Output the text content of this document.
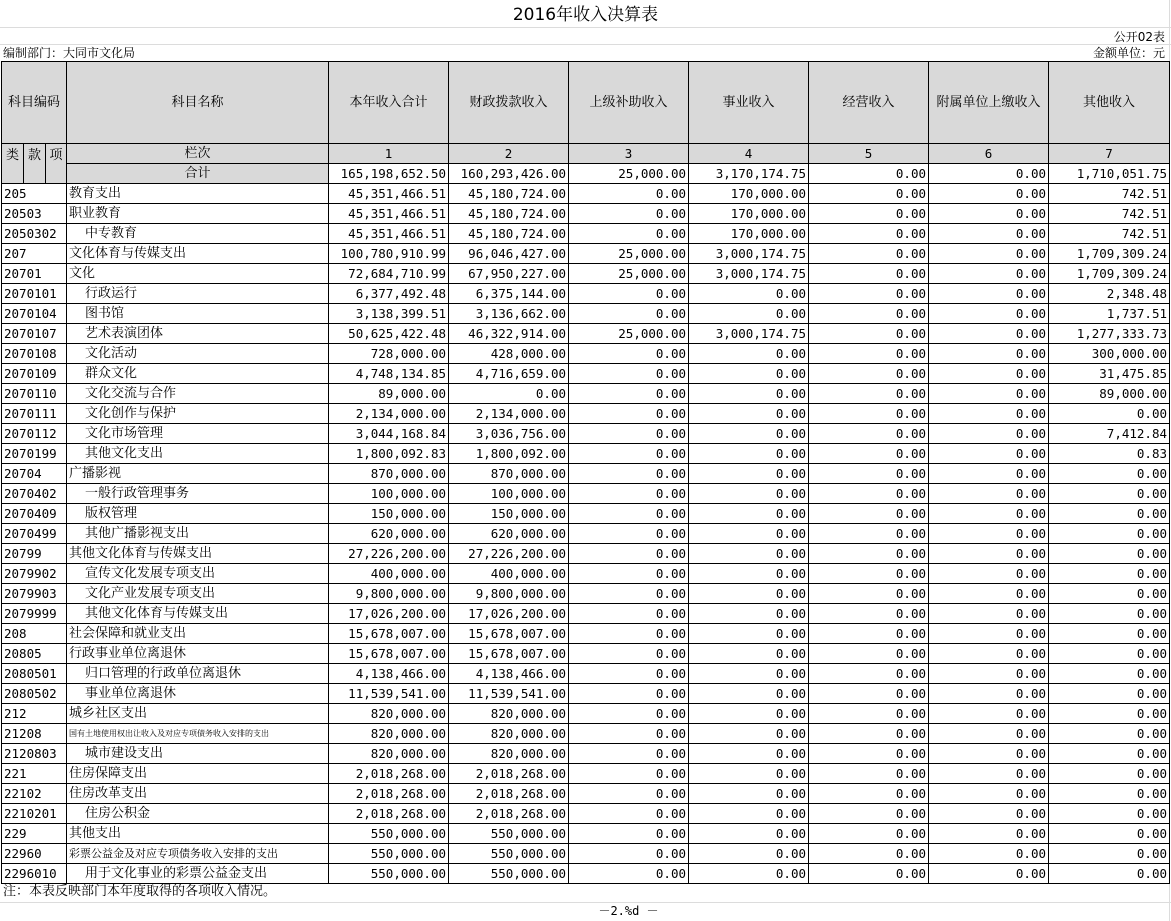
2016年收入决算表
公开02表
编制部门：大同市文化局	金额单位：元
科目编码			科目名称	本年收入合计	财政拨款收入	上级补助收入	事业收入	经营收入	附属单位上缴收入	其他收入
类	款	项	栏次	1	2	3	4	5	6	7
			合计	165,198,652.50	160,293,426.00	25,000.00	3,170,174.75	0.00	0.00	1,710,051.75
205			教育支出	45,351,466.51	45,180,724.00	0.00	170,000.00	0.00	0.00	742.51
20503			职业教育	45,351,466.51	45,180,724.00	0.00	170,000.00	0.00	0.00	742.51
2050302			中专教育	45,351,466.51	45,180,724.00	0.00	170,000.00	0.00	0.00	742.51
207			文化体育与传媒支出	100,780,910.99	96,046,427.00	25,000.00	3,000,174.75	0.00	0.00	1,709,309.24
20701			文化	72,684,710.99	67,950,227.00	25,000.00	3,000,174.75	0.00	0.00	1,709,309.24
2070101			行政运行	6,377,492.48	6,375,144.00	0.00	0.00	0.00	0.00	2,348.48
2070104			图书馆	3,138,399.51	3,136,662.00	0.00	0.00	0.00	0.00	1,737.51
2070107			艺术表演团体	50,625,422.48	46,322,914.00	25,000.00	3,000,174.75	0.00	0.00	1,277,333.73
2070108			文化活动	728,000.00	428,000.00	0.00	0.00	0.00	0.00	300,000.00
2070109			群众文化	4,748,134.85	4,716,659.00	0.00	0.00	0.00	0.00	31,475.85
2070110			文化交流与合作	89,000.00	0.00	0.00	0.00	0.00	0.00	89,000.00
2070111			文化创作与保护	2,134,000.00	2,134,000.00	0.00	0.00	0.00	0.00	0.00
2070112			文化市场管理	3,044,168.84	3,036,756.00	0.00	0.00	0.00	0.00	7,412.84
2070199			其他文化支出	1,800,092.83	1,800,092.00	0.00	0.00	0.00	0.00	0.83
20704			广播影视	870,000.00	870,000.00	0.00	0.00	0.00	0.00	0.00
2070402			一般行政管理事务	100,000.00	100,000.00	0.00	0.00	0.00	0.00	0.00
2070409			版权管理	150,000.00	150,000.00	0.00	0.00	0.00	0.00	0.00
2070499			其他广播影视支出	620,000.00	620,000.00	0.00	0.00	0.00	0.00	0.00
20799			其他文化体育与传媒支出	27,226,200.00	27,226,200.00	0.00	0.00	0.00	0.00	0.00
2079902			宣传文化发展专项支出	400,000.00	400,000.00	0.00	0.00	0.00	0.00	0.00
2079903			文化产业发展专项支出	9,800,000.00	9,800,000.00	0.00	0.00	0.00	0.00	0.00
2079999			其他文化体育与传媒支出	17,026,200.00	17,026,200.00	0.00	0.00	0.00	0.00	0.00
208			社会保障和就业支出	15,678,007.00	15,678,007.00	0.00	0.00	0.00	0.00	0.00
20805			行政事业单位离退休	15,678,007.00	15,678,007.00	0.00	0.00	0.00	0.00	0.00
2080501			归口管理的行政单位离退休	4,138,466.00	4,138,466.00	0.00	0.00	0.00	0.00	0.00
2080502			事业单位离退休	11,539,541.00	11,539,541.00	0.00	0.00	0.00	0.00	0.00
212			城乡社区支出	820,000.00	820,000.00	0.00	0.00	0.00	0.00	0.00
21208			国有土地使用权出让收入及对应专项债务收入安排的支出	820,000.00	820,000.00	0.00	0.00	0.00	0.00	0.00
2120803			城市建设支出	820,000.00	820,000.00	0.00	0.00	0.00	0.00	0.00
221			住房保障支出	2,018,268.00	2,018,268.00	0.00	0.00	0.00	0.00	0.00
22102			住房改革支出	2,018,268.00	2,018,268.00	0.00	0.00	0.00	0.00	0.00
2210201			住房公积金	2,018,268.00	2,018,268.00	0.00	0.00	0.00	0.00	0.00
229			其他支出	550,000.00	550,000.00	0.00	0.00	0.00	0.00	0.00
22960			彩票公益金及对应专项债务收入安排的支出	550,000.00	550,000.00	0.00	0.00	0.00	0.00	0.00
2296010			用于文化事业的彩票公益金支出	550,000.00	550,000.00	0.00	0.00	0.00	0.00	0.00
注：本表反映部门本年度取得的各项收入情况。
－2.%d －
